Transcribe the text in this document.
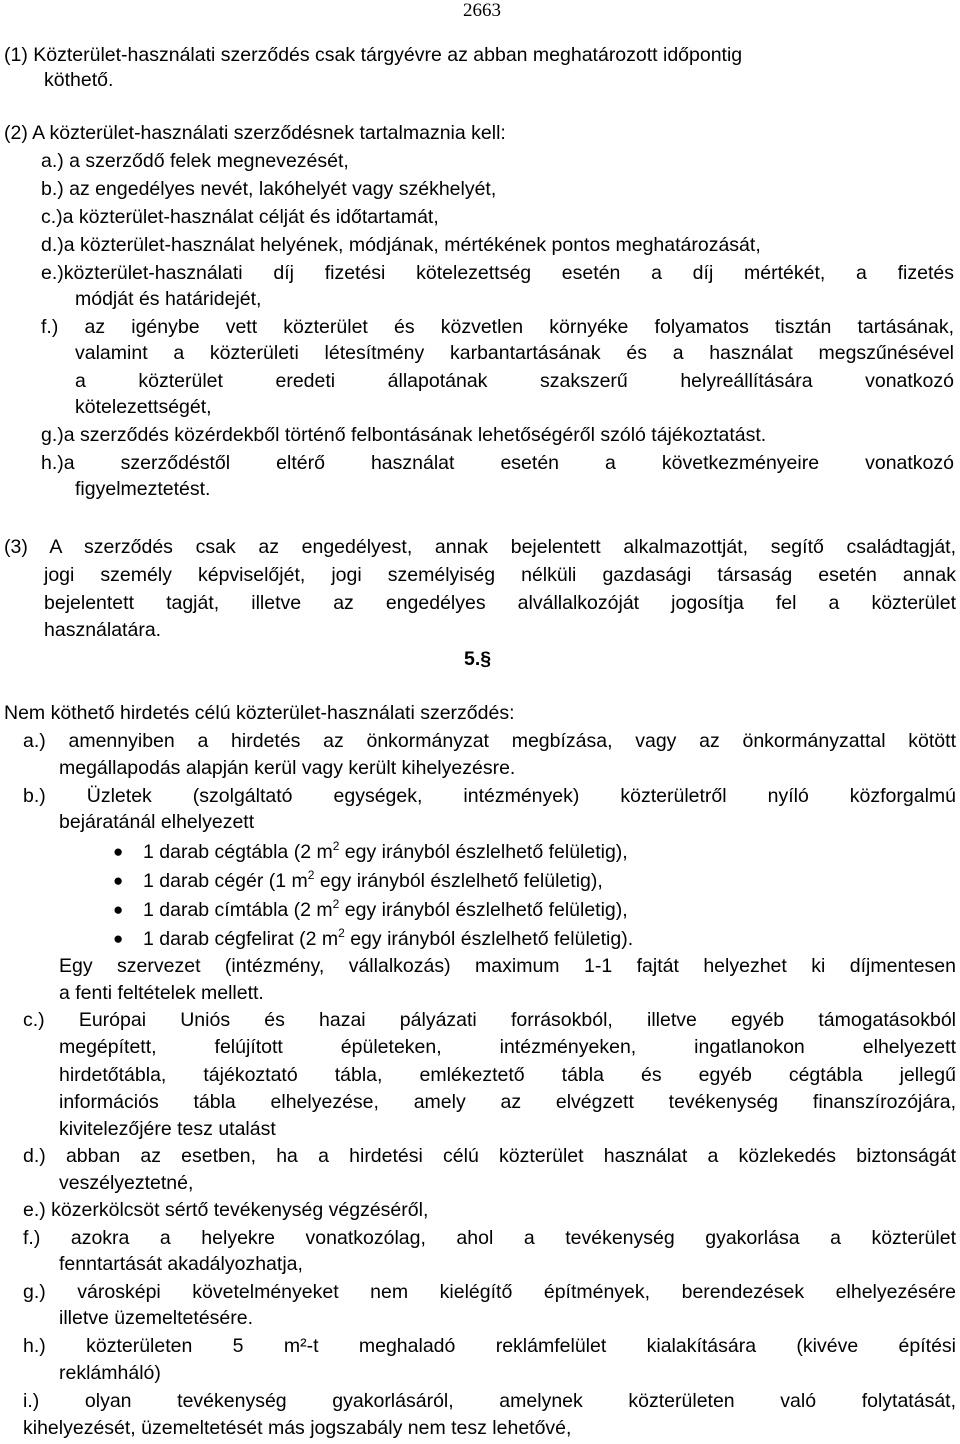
2663
(1) Közterület-használati szerződés csak tárgyévre az abban meghatározott időpontig
köthető.
(2) A közterület-használati szerződésnek tartalmaznia kell:
a.) a szerződő felek megnevezését,
b.) az engedélyes nevét, lakóhelyét vagy székhelyét,
c.)a közterület-használat célját és időtartamát,
d.)a közterület-használat helyének, módjának, mértékének pontos meghatározását,
e.)közterület-használati díj fizetési kötelezettség esetén a díj mértékét, a fizetés
módját és határidejét,
f.) az igénybe vett közterület és közvetlen környéke folyamatos tisztán tartásának,
valamint a közterületi létesítmény karbantartásának és a használat megszűnésével
a közterület eredeti állapotának szakszerű helyreállítására vonatkozó
kötelezettségét,
g.)a szerződés közérdekből történő felbontásának lehetőségéről szóló tájékoztatást.
h.)a szerződéstől eltérő használat esetén a következményeire vonatkozó
figyelmeztetést.
(3) A szerződés csak az engedélyest, annak bejelentett alkalmazottját, segítő családtagját,
jogi személy képviselőjét, jogi személyiség nélküli gazdasági társaság esetén annak
bejelentett tagját, illetve az engedélyes alvállalkozóját jogosítja fel a közterület
használatára.
5.§
Nem köthető hirdetés célú közterület-használati szerződés:
a.) amennyiben a hirdetés az önkormányzat megbízása, vagy az önkormányzattal kötött
megállapodás alapján kerül vagy került kihelyezésre.
b.) Üzletek (szolgáltató egységek, intézmények) közterületről nyíló közforgalmú
bejáratánál elhelyezett
● 1 darab cégtábla (2 $m^2$ egy irányból észlelhető felületig),
● 1 darab cégér (1 $m^2$ egy irányból észlelhető felületig),
● 1 darab címtábla (2 $m^2$ egy irányból észlelhető felületig),
● 1 darab cégfelirat (2 $m^2$ egy irányból észlelhető felületig).
Egy szervezet (intézmény, vállalkozás) maximum 1-1 fajtát helyezhet ki díjmentesen
a fenti feltételek mellett.
c.) Európai Uniós és hazai pályázati forrásokból, illetve egyéb támogatásokból
megépített, felújított épületeken, intézményeken, ingatlanokon elhelyezett
hirdetőtábla, tájékoztató tábla, emlékeztető tábla és egyéb cégtábla jellegű
információs tábla elhelyezése, amely az elvégzett tevékenység finanszírozójára,
kivitelezőjére tesz utalást
d.) abban az esetben, ha a hirdetési célú közterület használat a közlekedés biztonságát
veszélyeztetné,
e.) közerkölcsöt sértő tevékenység végzéséről,
f.) azokra a helyekre vonatkozólag, ahol a tevékenység gyakorlása a közterület
fenntartását akadályozhatja,
g.) városképi követelményeket nem kielégítő építmények, berendezések elhelyezésére
illetve üzemeltetésére.
h.) közterületen 5 m²-t meghaladó reklámfelület kialakítására (kivéve építési
reklámháló)
i.) olyan tevékenység gyakorlásáról, amelynek közterületen való folytatását,
kihelyezését, üzemeltetését más jogszabály nem tesz lehetővé,
